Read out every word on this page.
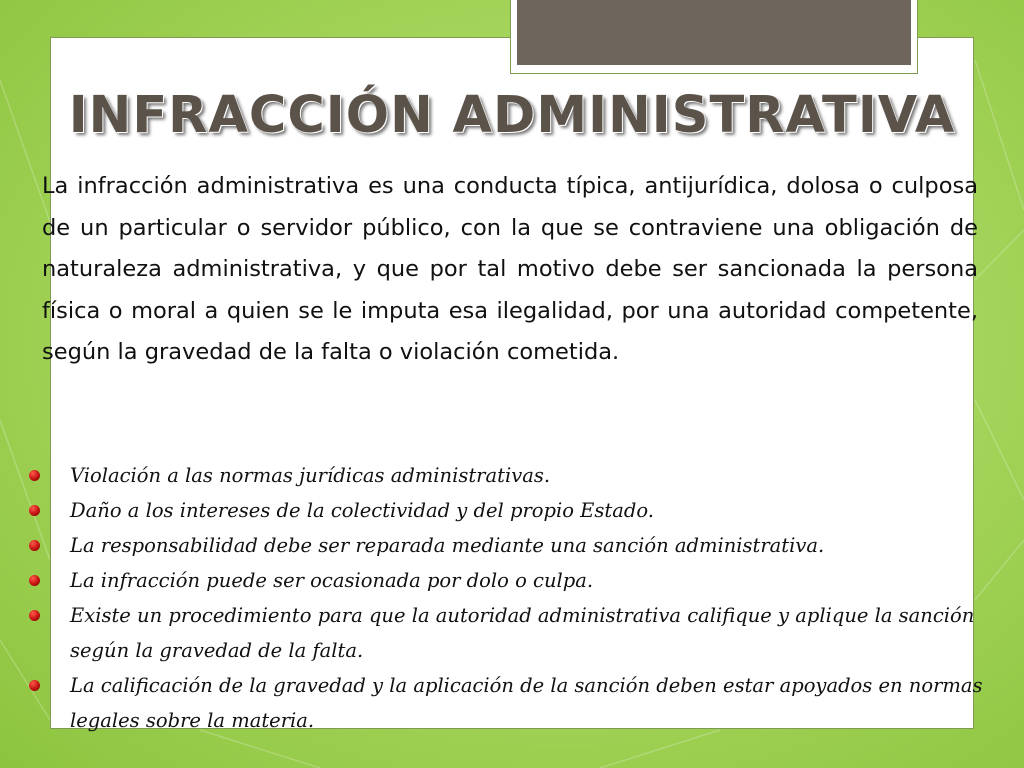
INFRACCIÓN ADMINISTRATIVA

La infracción administrativa es una conducta típica, antijurídica, dolosa o culposa de un particular o servidor público, con la que se contraviene una obligación de naturaleza administrativa, y que por tal motivo debe ser sancionada la persona física o moral a quien se le imputa esa ilegalidad, por una autoridad competente, según la gravedad de la falta o violación cometida.

Violación a las normas jurídicas administrativas.
Daño a los intereses de la colectividad y del propio Estado.
La responsabilidad debe ser reparada mediante una sanción administrativa.
La infracción puede ser ocasionada por dolo o culpa.
Existe un procedimiento para que la autoridad administrativa califique y aplique la sanción según la gravedad de la falta.
La calificación de la gravedad y la aplicación de la sanción deben estar apoyados en normas legales sobre la materia.
